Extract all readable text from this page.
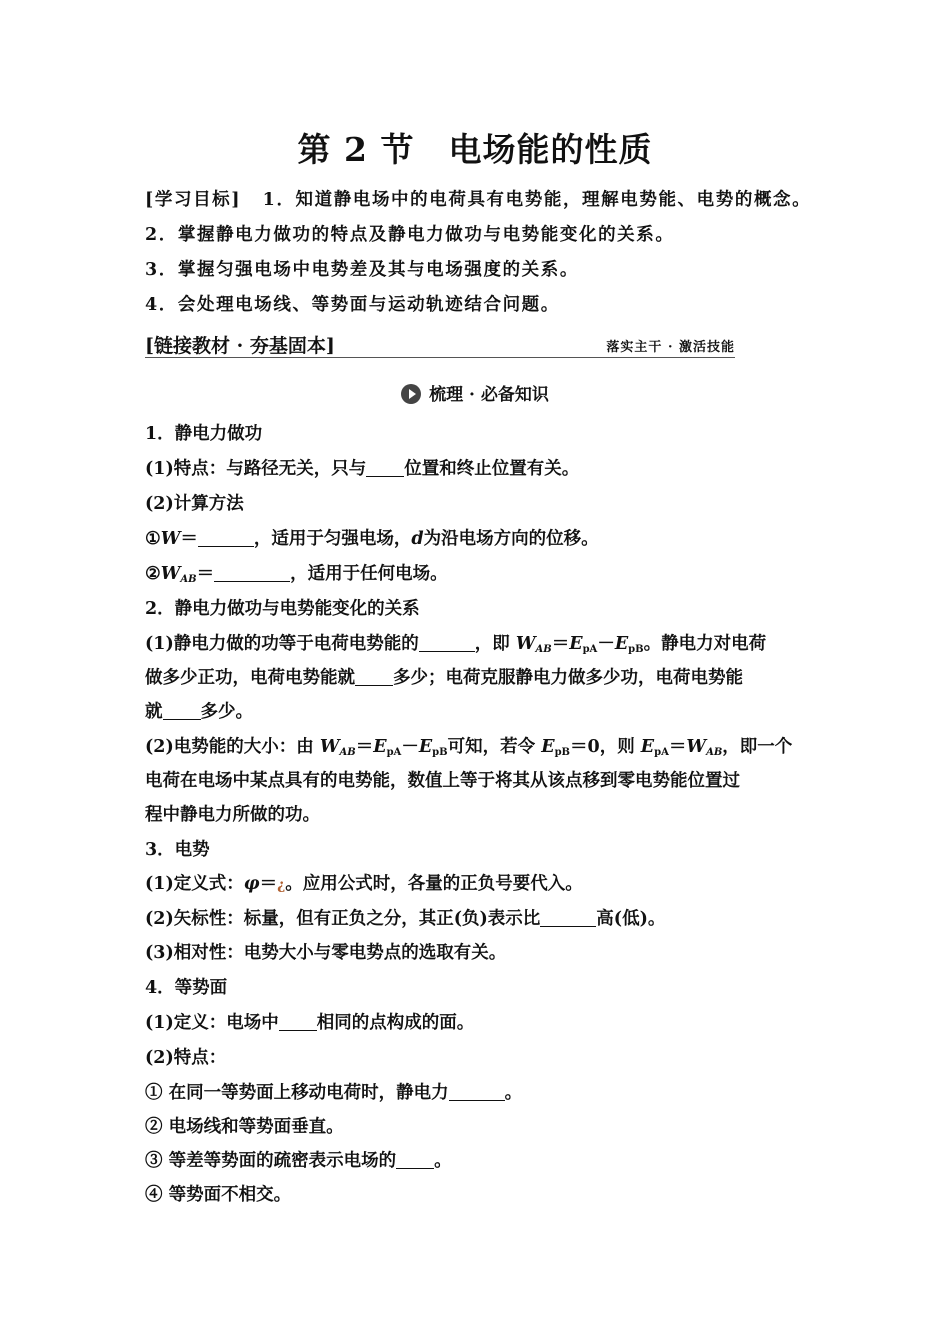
第 2 节 电场能的性质
[学习目标] 1．知道静电场中的电荷具有电势能，理解电势能、电势的概念。
2．掌握静电力做功的特点及静电力做功与电势能变化的关系。
3．掌握匀强电场中电势差及其与电场强度的关系。
4．会处理电场线、等势面与运动轨迹结合问题。
[链接教材 · 夯基固本]	落实主干 · 激活技能
梳理 · 必备知识
1．静电力做功
(1)特点：与路径无关，只与 位置和终止位置有关。
(2)计算方法
①W＝	，适用于匀强电场，d为沿电场方向的位移。
$②W_{AB}=$	，适用于任何电场。
2．静电力做功与电势能变化的关系
(1)静电力做的功等于电荷电势能的	，即 $W_{AB}=E_{pA}-E_{pB}$。静电力对电荷
做多少正功，电荷电势能就 多少；电荷克服静电力做多少功，电荷电势能
就 多少。
(2)电势能的大小：由 $W_{AB}=E_{pA}-E_{pB}$可知，若令 $E_{pB}=0$，则 $E_{pA}=W_{AB}$，即一个
电荷在电场中某点具有的电势能，数值上等于将其从该点移到零电势能位置过
程中静电力所做的功。
3．电势
(1)定义式：φ＝¿。应用公式时，各量的正负号要代入。
(2)矢标性：标量，但有正负之分，其正(负)表示比	高(低)。
(3)相对性：电势大小与零电势点的选取有关。
4．等势面
(1)定义：电场中 相同的点构成的面。
(2)特点：
① 在同一等势面上移动电荷时，静电力	。
② 电场线和等势面垂直。
③ 等差等势面的疏密表示电场的 。
④ 等势面不相交。
